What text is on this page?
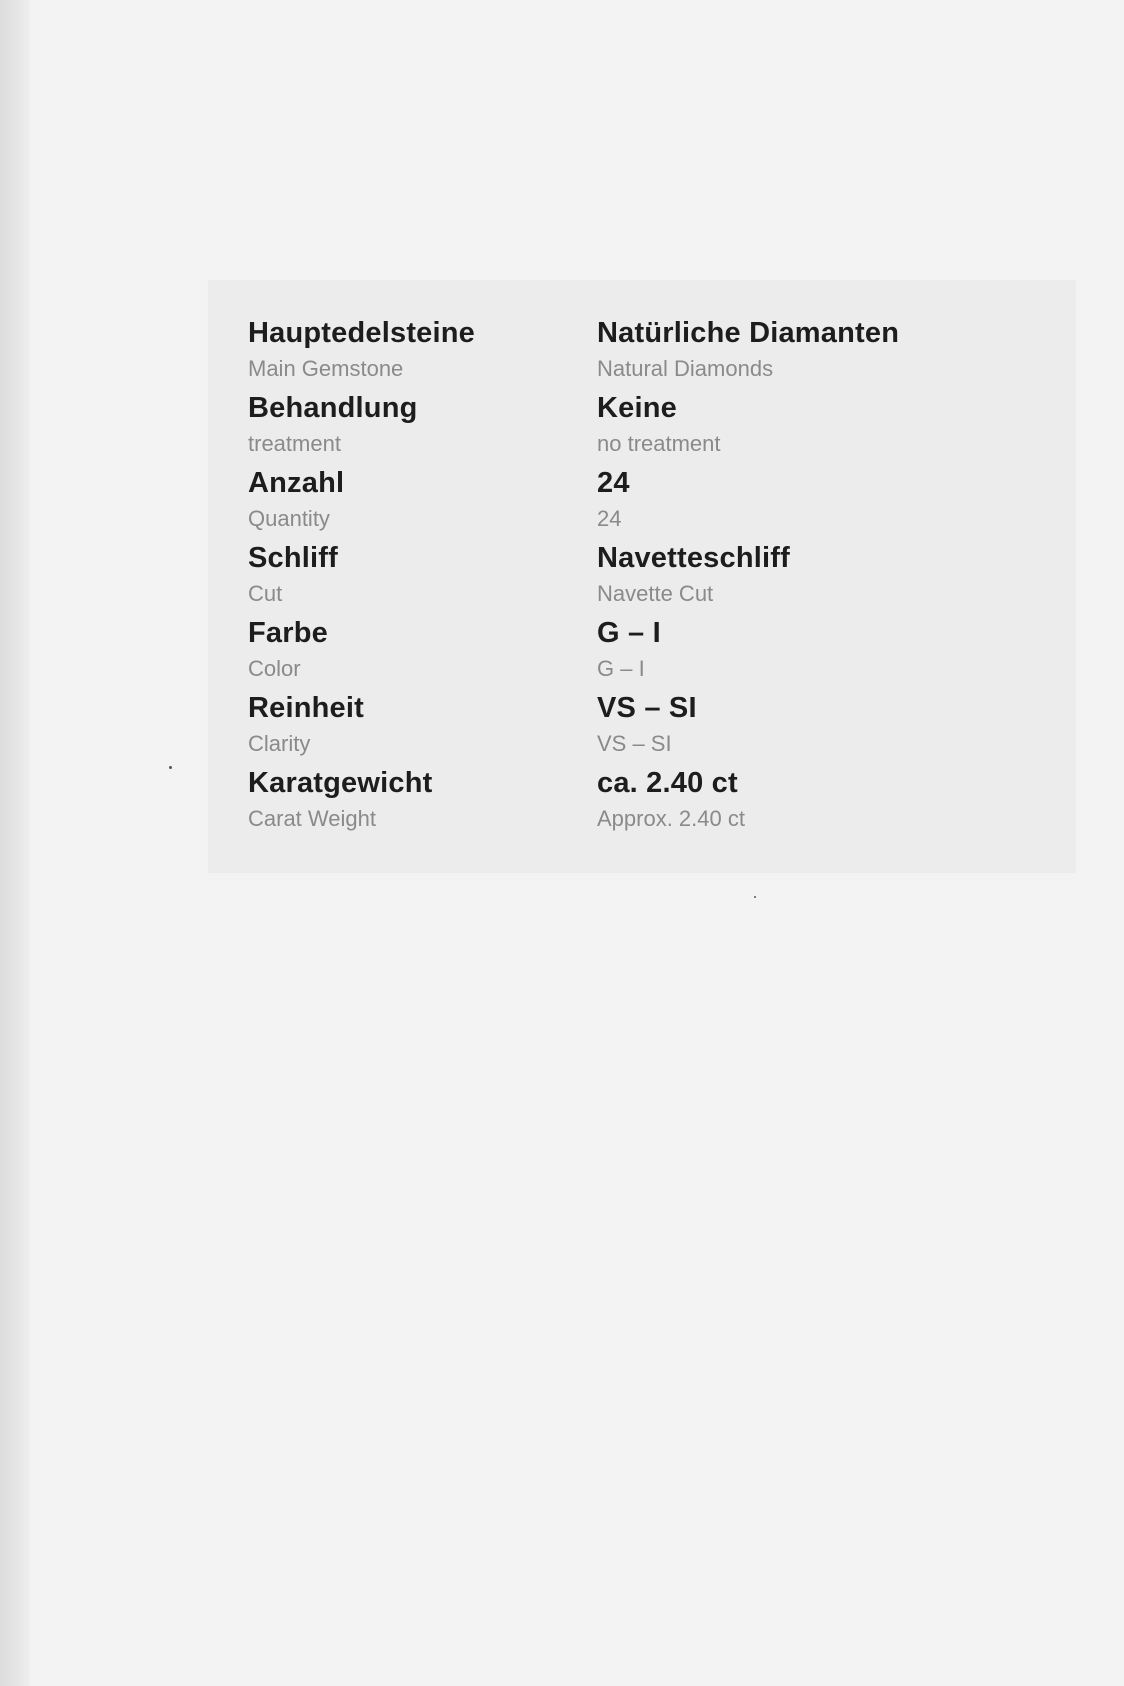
Hauptedelsteine
Main Gemstone
Natürliche Diamanten
Natural Diamonds
Behandlung
treatment
Keine
no treatment
Anzahl
Quantity
24
24
Schliff
Cut
Navetteschliff
Navette Cut
Farbe
Color
G – I
G – I
Reinheit
Clarity
VS – SI
VS – SI
Karatgewicht
Carat Weight
ca. 2.40 ct
Approx. 2.40 ct
